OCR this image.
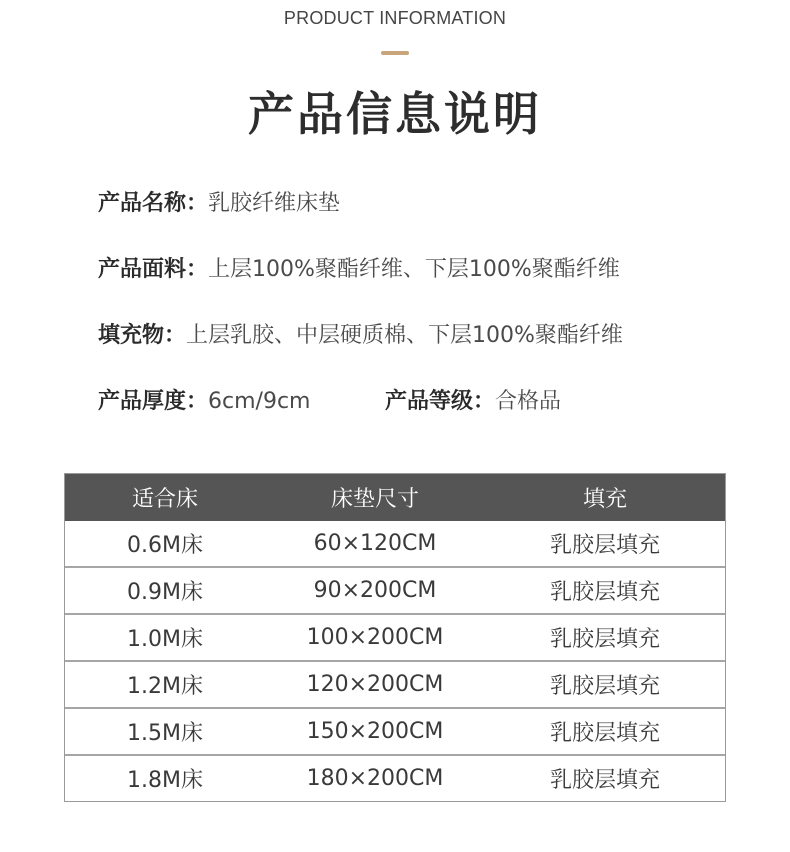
PRODUCT INFORMATION
产品信息说明
产品名称：乳胶纤维床垫
产品面料：上层100%聚酯纤维、下层100%聚酯纤维
填充物：上层乳胶、中层硬质棉、下层100%聚酯纤维
产品厚度：6cm/9cm	产品等级：合格品
适合床	床垫尺寸	填充
0.6M床	60×120CM	乳胶层填充
0.9M床	90×200CM	乳胶层填充
1.0M床	100×200CM	乳胶层填充
1.2M床	120×200CM	乳胶层填充
1.5M床	150×200CM	乳胶层填充
1.8M床	180×200CM	乳胶层填充
